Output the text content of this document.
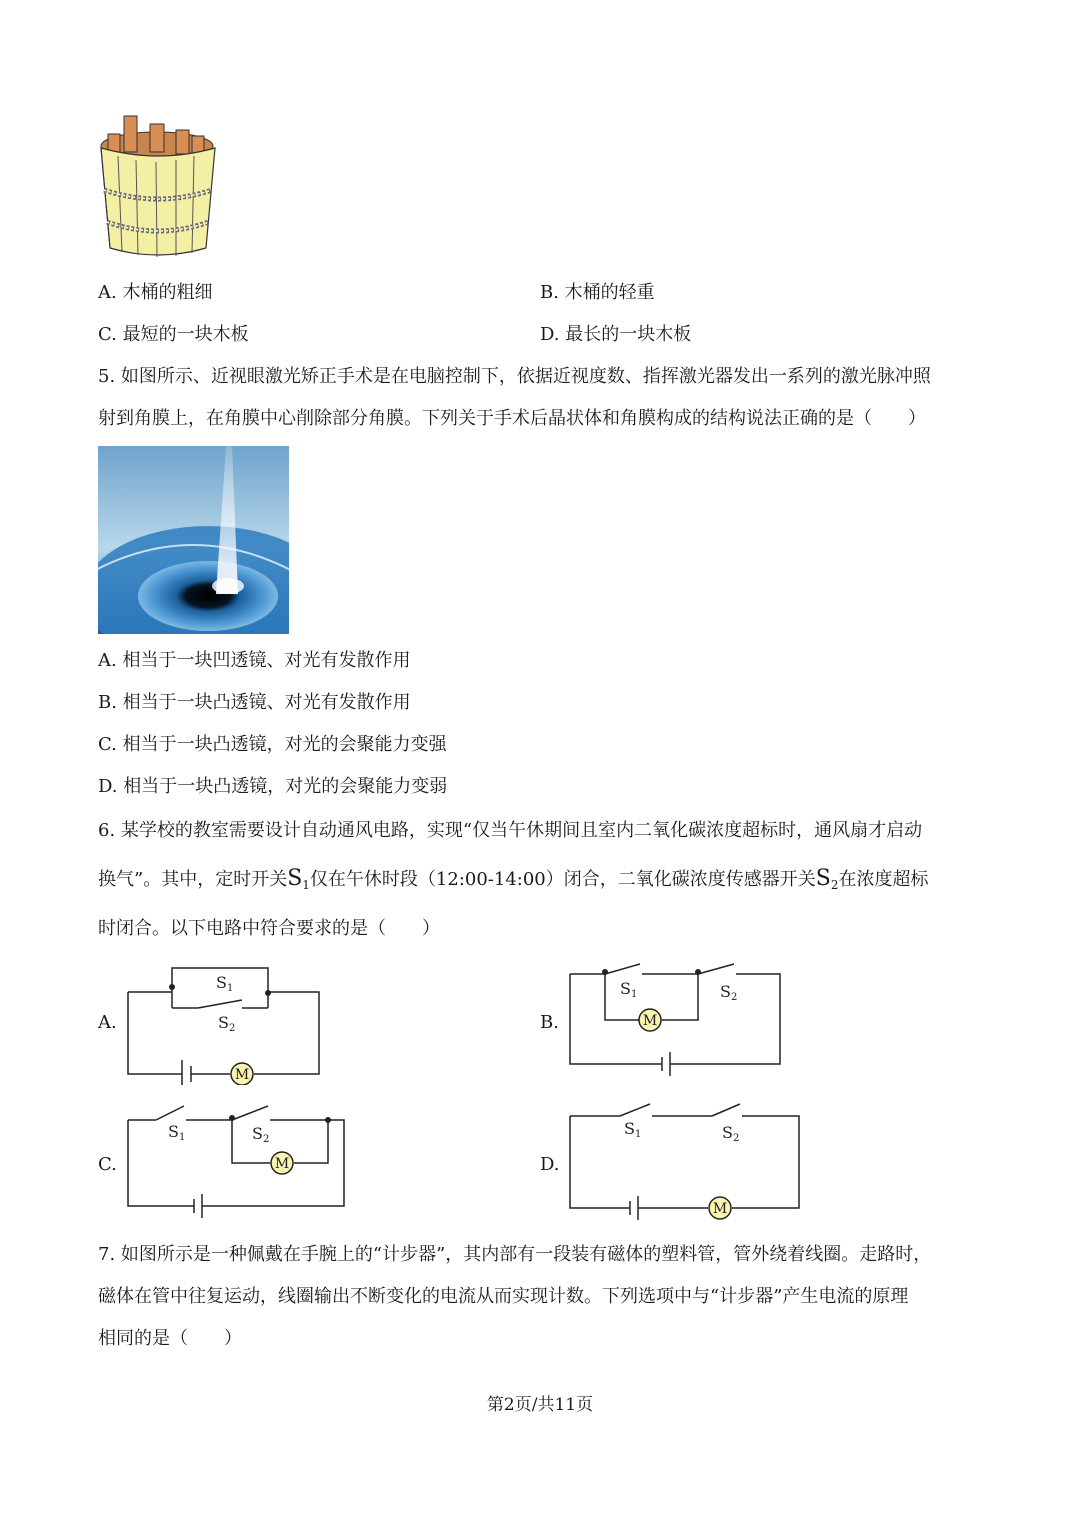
A. 木桶的粗细	B. 木桶的轻重
C. 最短的一块木板	D. 最长的一块木板
5. 如图所示、近视眼激光矫正手术是在电脑控制下，依据近视度数、指挥激光器发出一系列的激光脉冲照
射到角膜上，在角膜中心削除部分角膜。下列关于手术后晶状体和角膜构成的结构说法正确的是（　　）
A. 相当于一块凹透镜、对光有发散作用
B. 相当于一块凸透镜、对光有发散作用
C. 相当于一块凸透镜，对光的会聚能力变强
D. 相当于一块凸透镜，对光的会聚能力变弱
6. 某学校的教室需要设计自动通风电路，实现“仅当午休期间且室内二氧化碳浓度超标时，通风扇才启动
换气”。其中，定时开关$S_1$仅在午休时段（12:00-14:00）闭合，二氧化碳浓度传感器开关$S_2$在浓度超标
时闭合。以下电路中符合要求的是（　　）
A.	B.
C.	D.
M
S 1
S 2	M
S 1	S 2
M
S 1	S 2
M
S 1	S 2
7. 如图所示是一种佩戴在手腕上的“计步器”，其内部有一段装有磁体的塑料管，管外绕着线圈。走路时，
磁体在管中往复运动，线圈输出不断变化的电流从而实现计数。下列选项中与“计步器”产生电流的原理
相同的是（　　）
第2页/共11页
